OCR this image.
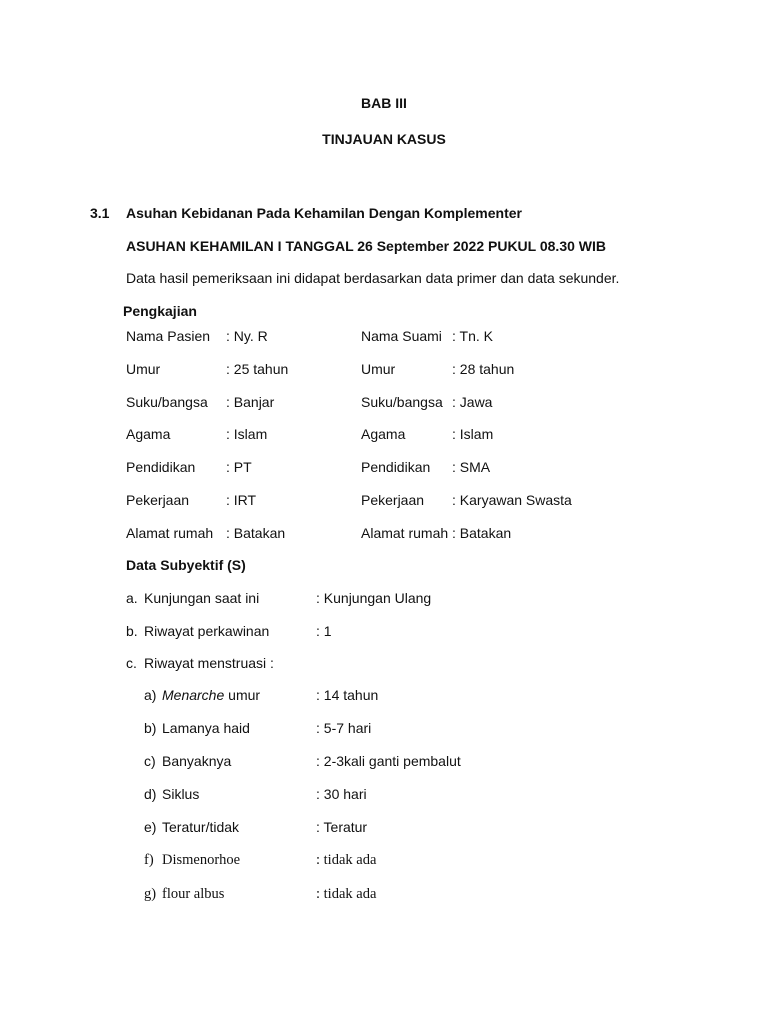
BAB III
TINJAUAN KASUS
3.1 Asuhan Kebidanan Pada Kehamilan Dengan Komplementer
ASUHAN KEHAMILAN I TANGGAL 26 September 2022 PUKUL 08.30 WIB
Data hasil pemeriksaan ini didapat berdasarkan data primer dan data sekunder.
Pengkajian
Nama Pasien : Ny. R	Nama Suami : Tn. K
Umur	: 25 tahun	Umur	: 28 tahun
Suku/bangsa : Banjar	Suku/bangsa : Jawa
Agama	: Islam	Agama	: Islam
Pendidikan : PT	Pendidikan : SMA
Pekerjaan	: IRT	Pekerjaan : Karyawan Swasta
Alamat rumah : Batakan	Alamat rumah : Batakan
Data Subyektif (S)
a. Kunjungan saat ini	: Kunjungan Ulang
b. Riwayat perkawinan	: 1
c. Riwayat menstruasi :
a) Menarche umur	: 14 tahun
b) Lamanya haid	: 5-7 hari
c) Banyaknya	: 2-3kali ganti pembalut
d) Siklus	: 30 hari
e) Teratur/tidak	: Teratur
f) Dismenorhoe	: tidak ada
g) flour albus	: tidak ada
